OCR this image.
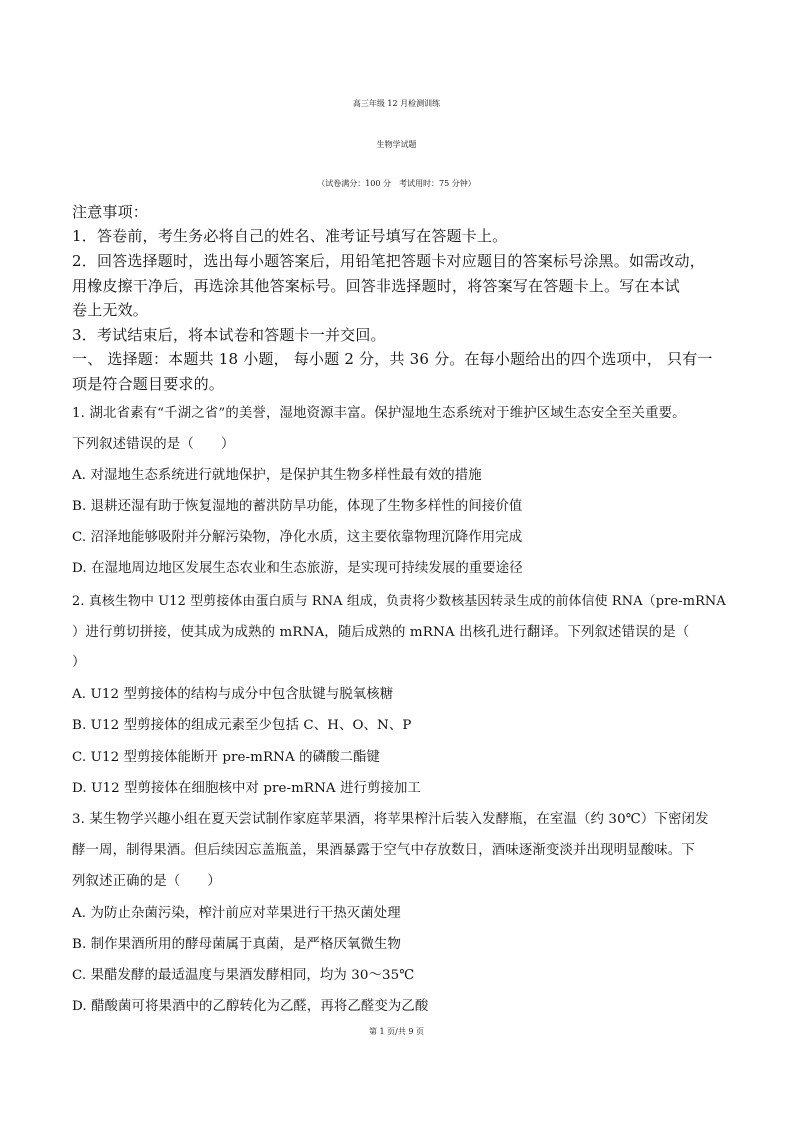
高三年级 12 月检测训练
生物学试题
（试卷满分：100 分　考试用时：75 分钟）
注意事项：
1．答卷前，考生务必将自己的姓名、准考证号填写在答题卡上。
2．回答选择题时，选出每小题答案后，用铅笔把答题卡对应题目的答案标号涂黑。如需改动，
用橡皮擦干净后，再选涂其他答案标号。回答非选择题时，将答案写在答题卡上。写在本试
卷上无效。
3．考试结束后，将本试卷和答题卡一并交回。
一、 选择题：本题共 18 小题， 每小题 2 分，共 36 分。在每小题给出的四个选项中， 只有一
项是符合题目要求的。
1. 湖北省素有“千湖之省”的美誉，湿地资源丰富。保护湿地生态系统对于维护区域生态安全至关重要。
下列叙述错误的是（　　）
A. 对湿地生态系统进行就地保护，是保护其生物多样性最有效的措施
B. 退耕还湿有助于恢复湿地的蓄洪防旱功能，体现了生物多样性的间接价值
C. 沼泽地能够吸附并分解污染物，净化水质，这主要依靠物理沉降作用完成
D. 在湿地周边地区发展生态农业和生态旅游，是实现可持续发展的重要途径
2. 真核生物中 U12 型剪接体由蛋白质与 RNA 组成，负责将少数核基因转录生成的前体信使 RNA（pre-mRNA
）进行剪切拼接，使其成为成熟的 mRNA，随后成熟的 mRNA 出核孔进行翻译。下列叙述错误的是（
）
A. U12 型剪接体的结构与成分中包含肽键与脱氧核糖
B. U12 型剪接体的组成元素至少包括 C、H、O、N、P
C. U12 型剪接体能断开 pre-mRNA 的磷酸二酯键
D. U12 型剪接体在细胞核中对 pre-mRNA 进行剪接加工
3. 某生物学兴趣小组在夏天尝试制作家庭苹果酒，将苹果榨汁后装入发酵瓶，在室温（约 30℃）下密闭发
酵一周，制得果酒。但后续因忘盖瓶盖，果酒暴露于空气中存放数日，酒味逐渐变淡并出现明显酸味。下
列叙述正确的是（　　）
A. 为防止杂菌污染，榨汁前应对苹果进行干热灭菌处理
B. 制作果酒所用的酵母菌属于真菌，是严格厌氧微生物
C. 果醋发酵的最适温度与果酒发酵相同，均为 30～35℃
D. 醋酸菌可将果酒中的乙醇转化为乙醛，再将乙醛变为乙酸
第 1 页/共 9 页
